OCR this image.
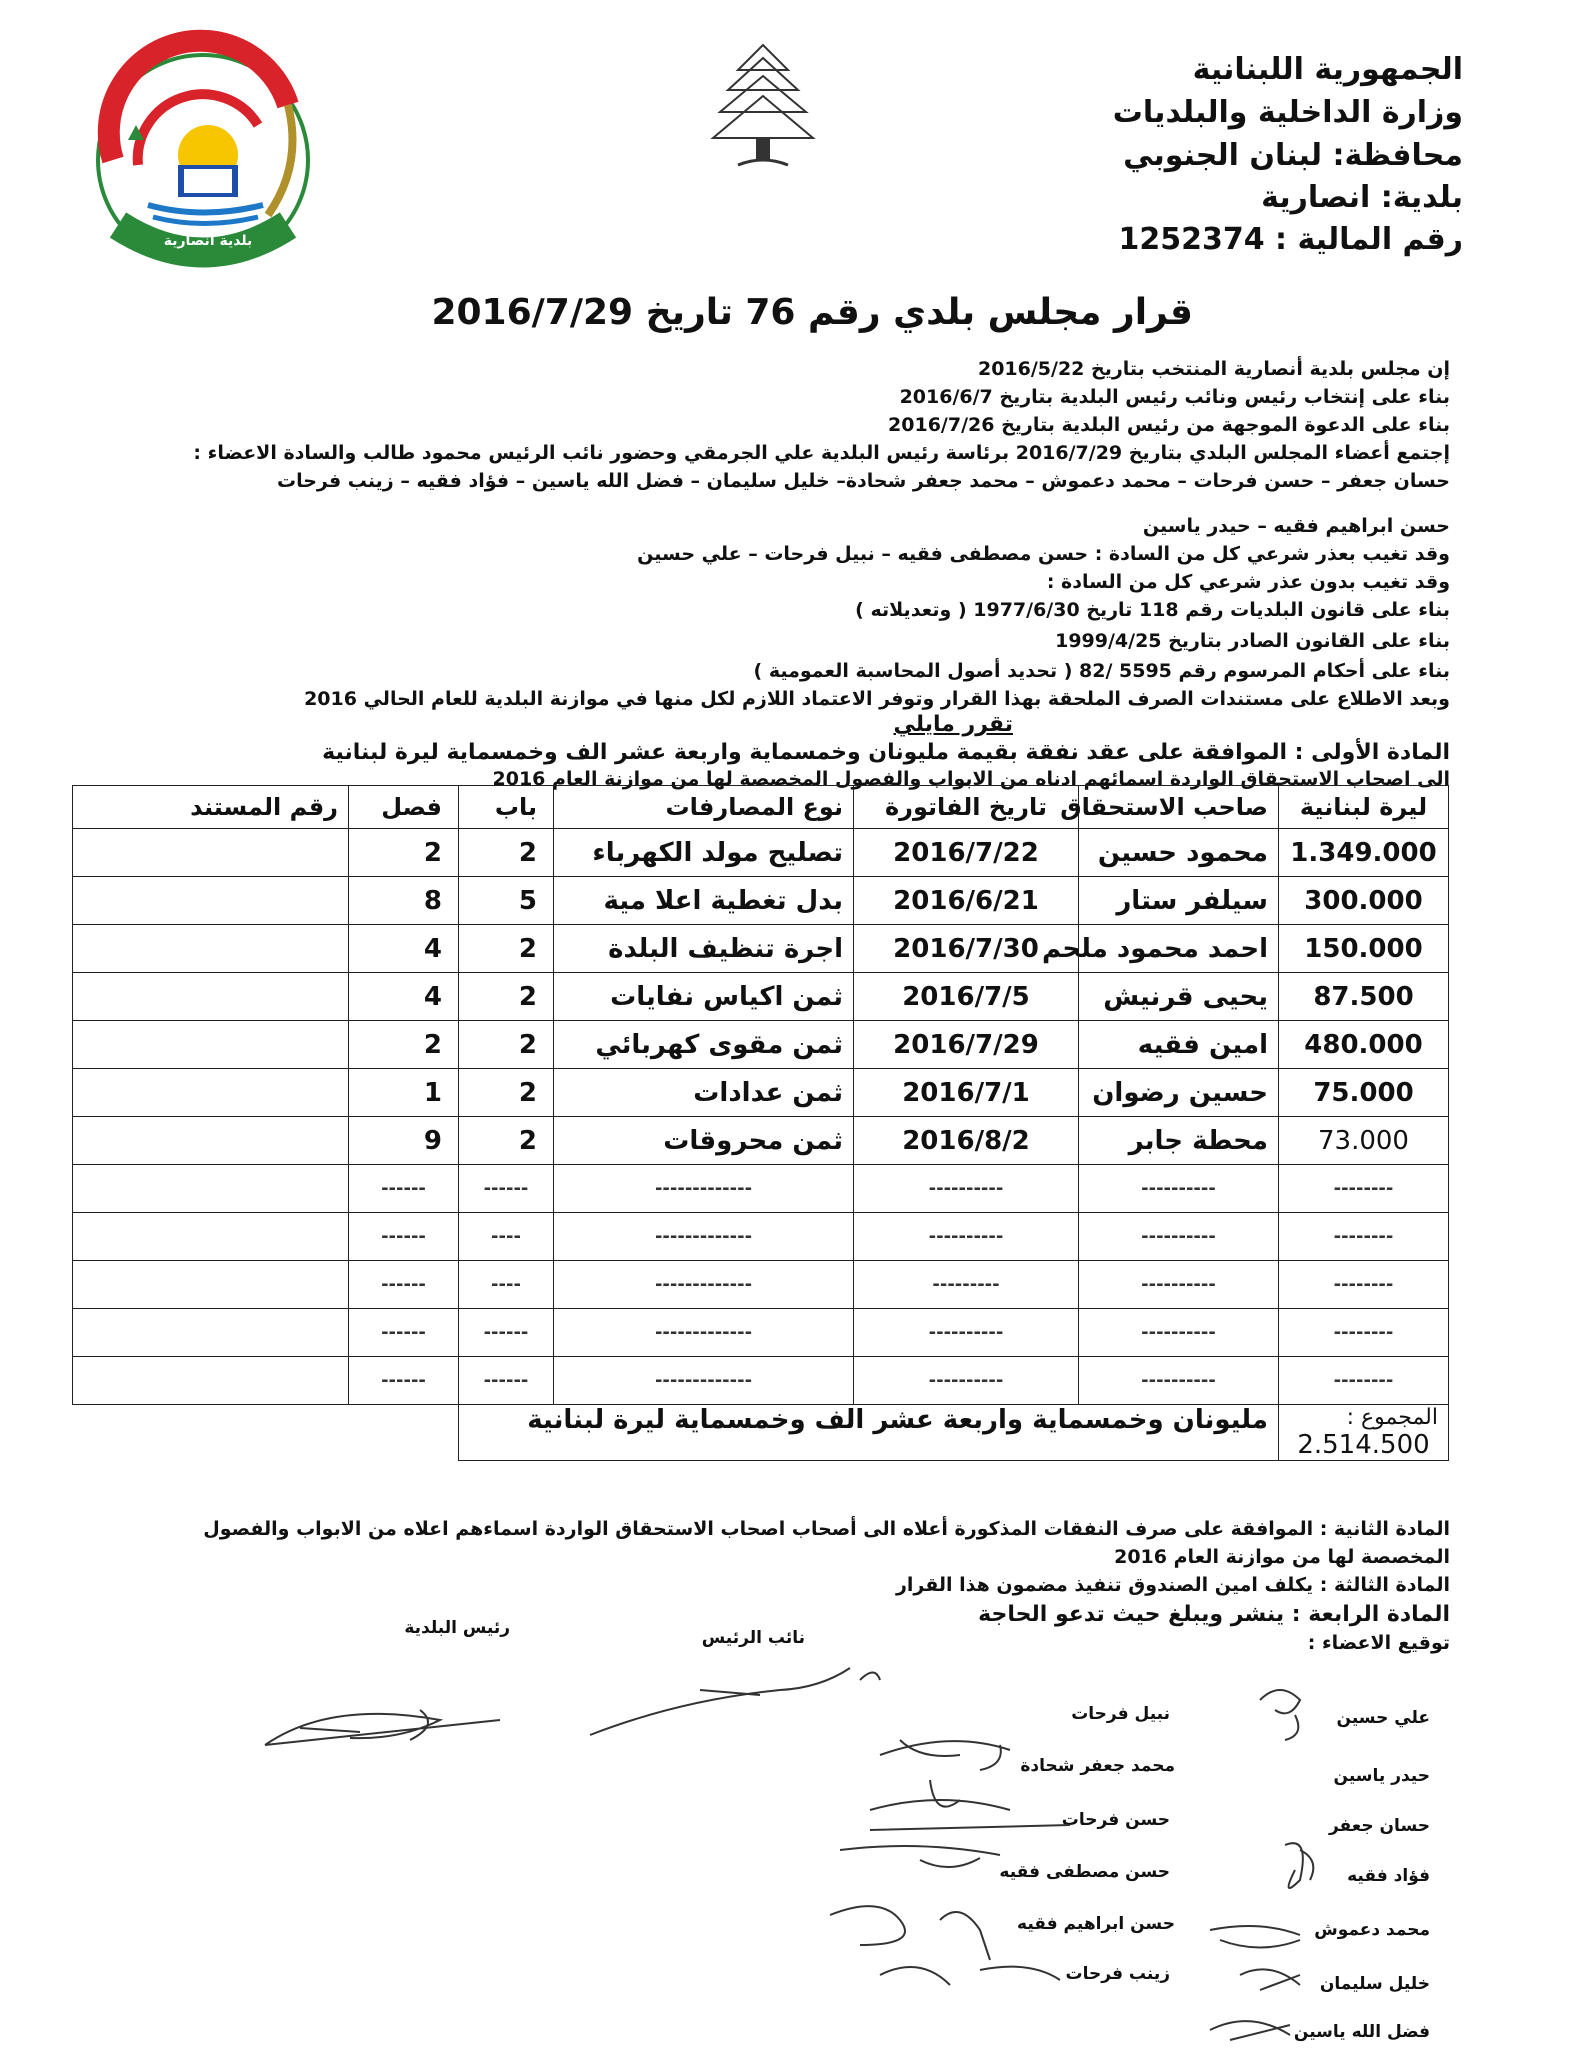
بلدية أنصارية
الجمهورية اللبنانية
وزارة الداخلية والبلديات
محافظة: لبنان الجنوبي
بلدية: انصارية
رقم المالية : 1252374
قرار مجلس بلدي رقم 76 تاريخ 2016/7/29
إن مجلس بلدية أنصارية المنتخب بتاريخ 2016/5/22
بناء على إنتخاب رئيس ونائب رئيس البلدية بتاريخ 2016/6/7
بناء على الدعوة الموجهة من رئيس البلدية بتاريخ 2016/7/26
إجتمع أعضاء المجلس البلدي بتاريخ 2016/7/29 برئاسة رئيس البلدية علي الجرمقي وحضور نائب الرئيس محمود طالب والسادة الاعضاء :
حسان جعفر – حسن فرحات – محمد دعموش – محمد جعفر شحادة– خليل سليمان – فضل الله ياسين – فؤاد فقيه – زينب فرحات
حسن ابراهيم فقيه – حيدر ياسين
وقد تغيب بعذر شرعي كل من السادة : حسن مصطفى فقيه – نبيل فرحات – علي حسين
وقد تغيب بدون عذر شرعي كل من السادة :
بناء على قانون البلديات رقم 118 تاريخ 1977/6/30 ( وتعديلاته )
بناء على القانون الصادر بتاريخ 1999/4/25
بناء على أحكام المرسوم رقم 5595 /82 ( تحديد أصول المحاسبة العمومية )
وبعد الاطلاع على مستندات الصرف الملحقة بهذا القرار وتوفر الاعتماد اللازم لكل منها في موازنة البلدية للعام الحالي 2016
تقرر مايلي
المادة الأولى : الموافقة على عقد نفقة بقيمة مليونان وخمسماية واربعة عشر الف وخمسماية ليرة لبنانية
الى اصحاب الاستحقاق الواردة اسمائهم ادناه من الابواب والفصول المخصصة لها من موازنة العام 2016
ليرة لبنانية	صاحب الاستحقاق	تاريخ الفاتورة	نوع المصارفات	باب	فصل	رقم المستند
1.349.000	محمود حسين	2016/7/22	تصليح مولد الكهرباء	2	2	
300.000	سيلفر ستار	2016/6/21	بدل تغطية اعلا مية	5	8	
150.000	احمد محمود ملحم	2016/7/30	اجرة تنظيف البلدة	2	4	
87.500	يحيى قرنيش	2016/7/5	ثمن اكياس نفايات	2	4	
480.000	امين فقيه	2016/7/29	ثمن مقوى كهربائي	2	2	
75.000	حسين رضوان	2016/7/1	ثمن عدادات	2	1	
73.000	محطة جابر	2016/8/2	ثمن محروقات	2	9	
--------	----------	----------	-------------	------	------	
--------	----------	----------	-------------	----	------	
--------	----------	---------	-------------	----	------	
--------	----------	----------	-------------	------	------	
--------	----------	----------	-------------	------	------	

المجموع :
2.514.500	مليونان وخمسماية واربعة عشر الف وخمسماية ليرة لبنانية					
المادة الثانية : الموافقة على صرف النفقات المذكورة أعلاه الى أصحاب اصحاب الاستحقاق الواردة اسماءهم اعلاه من الابواب والفصول
المخصصة لها من موازنة العام 2016
المادة الثالثة : يكلف امين الصندوق تنفيذ مضمون هذا القرار
المادة الرابعة : ينشر ويبلغ حيث تدعو الحاجة
توقيع الاعضاء :
رئيس البلدية	نائب الرئيس
علي حسين
حيدر ياسين
حسان جعفر
فؤاد فقيه
محمد دعموش
خليل سليمان
فضل الله ياسين
نبيل فرحات
محمد جعفر شحادة
حسن فرحات
حسن مصطفى فقيه
حسن ابراهيم فقيه
زينب فرحات
